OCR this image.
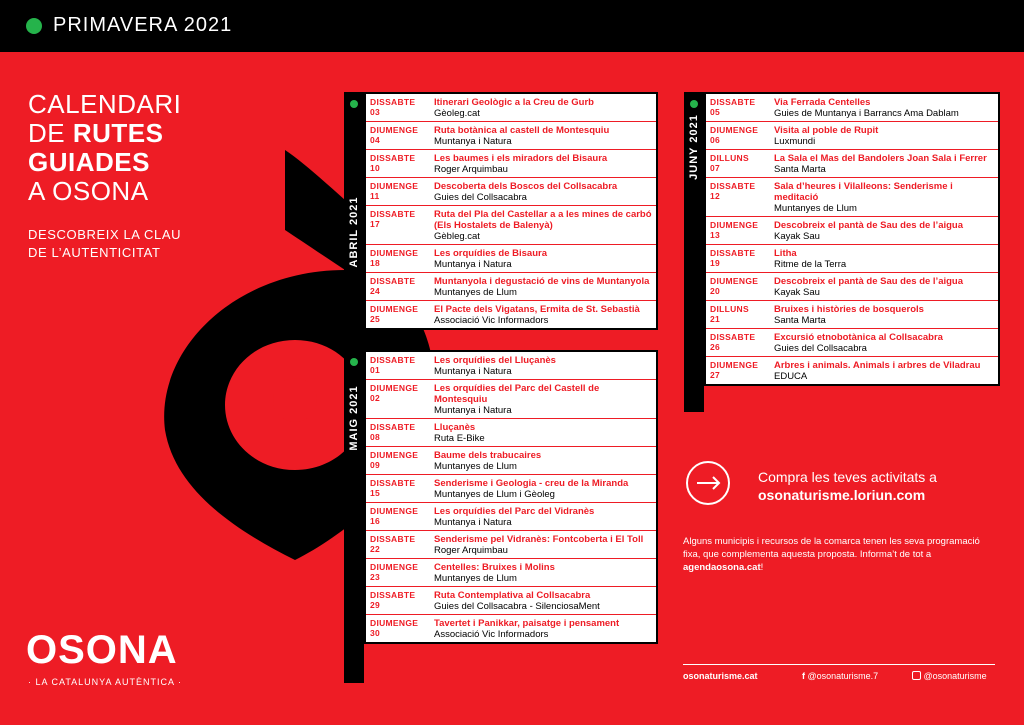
PRIMAVERA 2021
CALENDARI
DE RUTES
GUIADES
A OSONA
DESCOBREIX LA CLAU
DE L’AUTENTICITAT
OSONA
· LA CATALUNYA AUTÈNTICA ·
ABRIL 2021
MAIG 2021
DISSABTE
03
Itinerari Geològic a la Creu de Gurb
Gèoleg.cat
DIUMENGE
04
Ruta botànica al castell de Montesquiu
Muntanya i Natura
DISSABTE
10
Les baumes i els miradors del Bisaura
Roger Arquimbau
DIUMENGE
11
Descoberta dels Boscos del Collsacabra
Guies del Collsacabra
DISSABTE
17
Ruta del Pla del Castellar a a les mines de carbó (Els Hostalets de Balenyà)
Gèbleg.cat
DIUMENGE
18
Les orquídies de Bisaura
Muntanya i Natura
DISSABTE
24
Muntanyola i degustació de vins de Muntanyola
Muntanyes de Llum
DIUMENGE
25
El Pacte dels Vigatans, Ermita de St. Sebastià
Associació Vic Informadors
DISSABTE
01
Les orquídies del Lluçanès
Muntanya i Natura
DIUMENGE
02
Les orquídies del Parc del Castell de Montesquiu
Muntanya i Natura
DISSABTE
08
Lluçanès
Ruta E-Bike
DIUMENGE
09
Baume dels trabucaires
Muntanyes de Llum
DISSABTE
15
Senderisme i Geologia - creu de la Miranda
Muntanyes de Llum i Gèoleg
DIUMENGE
16
Les orquídies del Parc del Vidranès
Muntanya i Natura
DISSABTE
22
Senderisme pel Vidranès: Fontcoberta i El Toll
Roger Arquimbau
DIUMENGE
23
Centelles: Bruixes i Molins
Muntanyes de Llum
DISSABTE
29
Ruta Contemplativa al Collsacabra
Guies del Collsacabra - SilenciosaMent
DIUMENGE
30
Tavertet i Panikkar, paisatge i pensament
Associació Vic Informadors
JUNY 2021
DISSABTE
05
Via Ferrada Centelles
Guies de Muntanya i Barrancs Ama Dablam
DIUMENGE
06
Visita al poble de Rupit
Luxmundi
DILLUNS
07
La Sala el Mas del Bandolers Joan Sala i Ferrer
Santa Marta
DISSABTE
12
Sala d’heures i Vilalleons: Senderisme i meditació
Muntanyes de Llum
DIUMENGE
13
Descobreix el pantà de Sau des de l’aigua
Kayak Sau
DISSABTE
19
Litha
Ritme de la Terra
DIUMENGE
20
Descobreix el pantà de Sau des de l’aigua
Kayak Sau
DILLUNS
21
Bruixes i històries de bosquerols
Santa Marta
DISSABTE
26
Excursió etnobotànica al Collsacabra
Guies del Collsacabra
DIUMENGE
27
Arbres i animals. Animals i arbres de Viladrau
EDUCA
Compra les teves activitats a
osonaturisme.loriun.com
Alguns municipis i recursos de la comarca tenen les seva programació fixa, que complementa aquesta proposta. Informa’t de tot a agendaosona.cat!
osonaturisme.cat	f @osonaturisme.7	@osonaturisme
